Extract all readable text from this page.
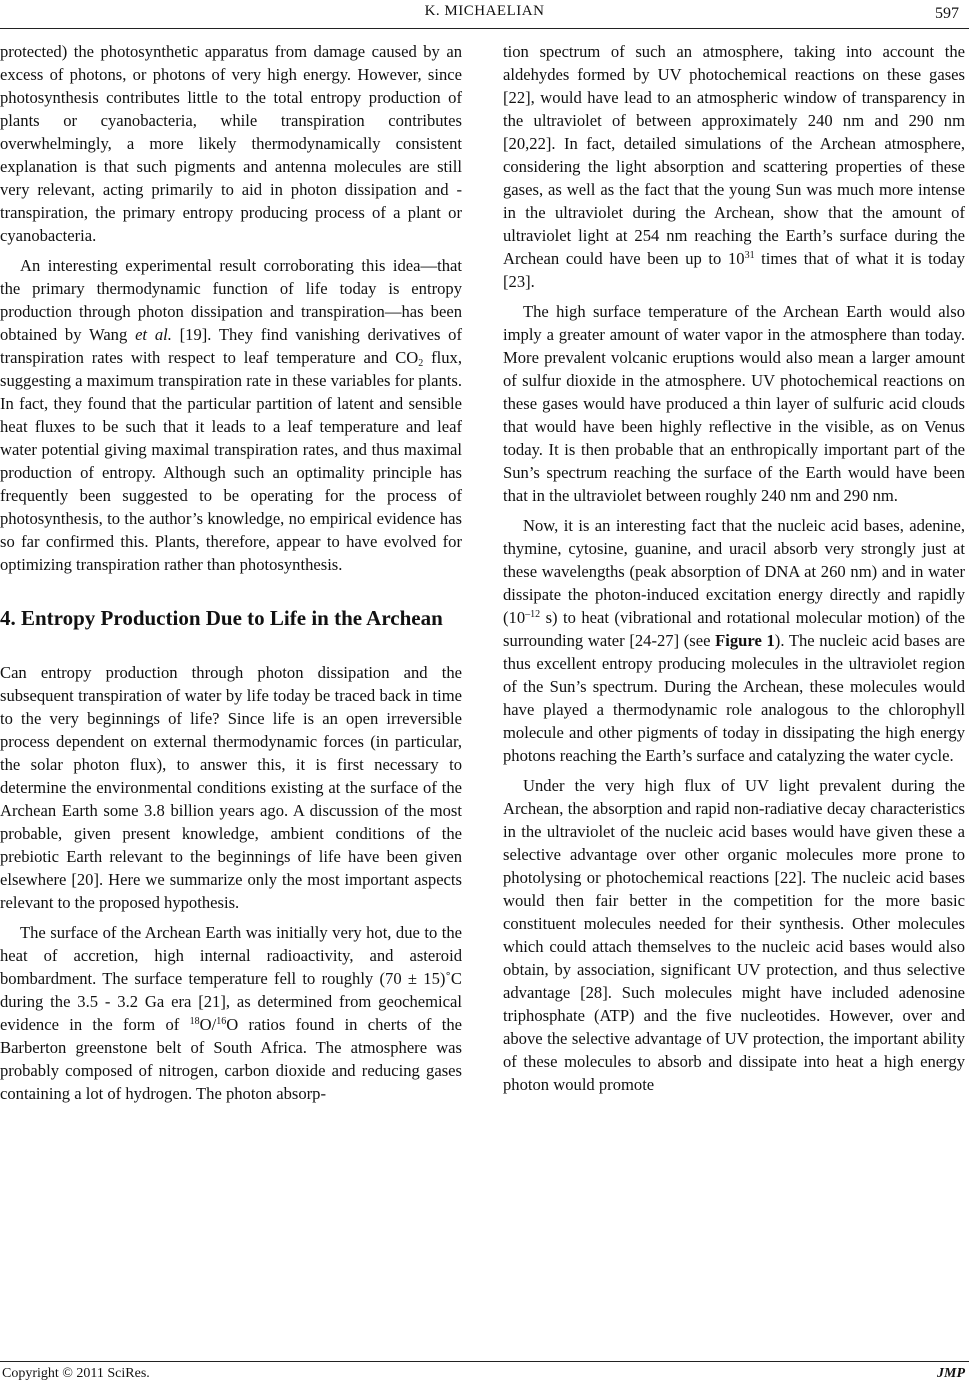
K. MICHAELIAN	597

protected) the photosynthetic apparatus from damage caused by an excess of photons, or photons of very high energy. However, since photosynthesis contributes little to the total entropy production of plants or cyanobacteria, while transpiration contributes overwhelmingly, a more likely thermodynamically consistent explanation is that such pigments and antenna molecules are still very relevant, acting primarily to aid in photon dissipation and - transpiration, the primary entropy producing process of a plant or cyanobacteria.

An interesting experimental result corroborating this idea—that the primary thermodynamic function of life today is entropy production through photon dissipation and transpiration—has been obtained by Wang et al. [19]. They find vanishing derivatives of transpiration rates with respect to leaf temperature and $CO_2$ flux, suggesting a maximum transpiration rate in these variables for plants. In fact, they found that the particular partition of latent and sensible heat fluxes to be such that it leads to a leaf temperature and leaf water potential giving maximal transpiration rates, and thus maximal production of entropy. Although such an optimality principle has frequently been suggested to be operating for the process of photosynthesis, to the author’s knowledge, no empirical evidence has so far confirmed this. Plants, therefore, appear to have evolved for optimizing transpiration rather than photosynthesis.

4. Entropy Production Due to Life in the Archean

Can entropy production through photon dissipation and the subsequent transpiration of water by life today be traced back in time to the very beginnings of life? Since life is an open irreversible process dependent on external thermodynamic forces (in particular, the solar photon flux), to answer this, it is first necessary to determine the environmental conditions existing at the surface of the Archean Earth some 3.8 billion years ago. A discussion of the most probable, given present knowledge, ambient conditions of the prebiotic Earth relevant to the beginnings of life have been given elsewhere [20]. Here we summarize only the most important aspects relevant to the proposed hypothesis.

The surface of the Archean Earth was initially very hot, due to the heat of accretion, high internal radioactivity, and asteroid bombardment. The surface temperature fell to roughly (70 ± 15)˚C during the 3.5 - 3.2 Ga era [21], as determined from geochemical evidence in the form of $^{18}$O/$^{16}$O ratios found in cherts of the Barberton greenstone belt of South Africa. The atmosphere was probably composed of nitrogen, carbon dioxide and reducing gases containing a lot of hydrogen. The photon absorp-

tion spectrum of such an atmosphere, taking into account the aldehydes formed by UV photochemical reactions on these gases [22], would have lead to an atmospheric window of transparency in the ultraviolet of between approximately 240 nm and 290 nm [20,22]. In fact, detailed simulations of the Archean atmosphere, considering the light absorption and scattering properties of these gases, as well as the fact that the young Sun was much more intense in the ultraviolet during the Archean, show that the amount of ultraviolet light at 254 nm reaching the Earth’s surface during the Archean could have been up to $10^{31}$ times that of what it is today [23].

The high surface temperature of the Archean Earth would also imply a greater amount of water vapor in the atmosphere than today. More prevalent volcanic eruptions would also mean a larger amount of sulfur dioxide in the atmosphere. UV photochemical reactions on these gases would have produced a thin layer of sulfuric acid clouds that would have been highly reflective in the visible, as on Venus today. It is then probable that an enthropically important part of the Sun’s spectrum reaching the surface of the Earth would have been that in the ultraviolet between roughly 240 nm and 290 nm.

Now, it is an interesting fact that the nucleic acid bases, adenine, thymine, cytosine, guanine, and uracil absorb very strongly just at these wavelengths (peak absorption of DNA at 260 nm) and in water dissipate the photon-induced excitation energy directly and rapidly ($10^{-12}$ s) to heat (vibrational and rotational molecular motion) of the surrounding water [24-27] (see Figure 1). The nucleic acid bases are thus excellent entropy producing molecules in the ultraviolet region of the Sun’s spectrum. During the Archean, these molecules would have played a thermodynamic role analogous to the chlorophyll molecule and other pigments of today in dissipating the high energy photons reaching the Earth’s surface and catalyzing the water cycle.

Under the very high flux of UV light prevalent during the Archean, the absorption and rapid non-radiative decay characteristics in the ultraviolet of the nucleic acid bases would have given these a selective advantage over other organic molecules more prone to photolysing or photochemical reactions [22]. The nucleic acid bases would then fair better in the competition for the more basic constituent molecules needed for their synthesis. Other molecules which could attach themselves to the nucleic acid bases would also obtain, by association, significant UV protection, and thus selective advantage [28]. Such molecules might have included adenosine triphosphate (ATP) and the five nucleotides. However, over and above the selective advantage of UV protection, the important ability of these molecules to absorb and dissipate into heat a high energy photon would promote

Copyright © 2011 SciRes.	JMP
